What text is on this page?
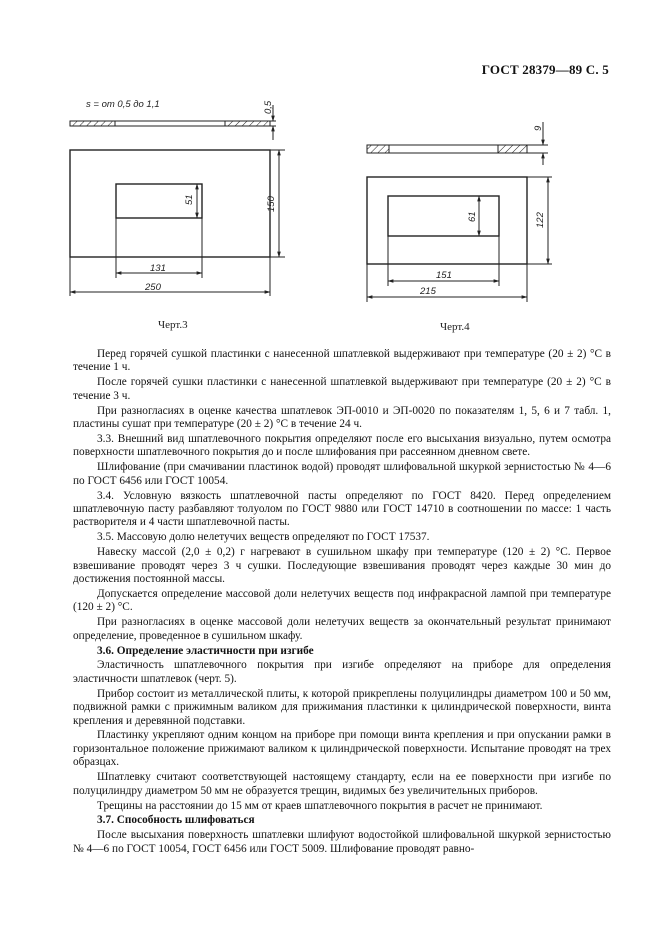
ГОСТ 28379—89 С. 5
s = от 0,5 до 1,1	0,5
51	150
131
250
Черт.3
9
61	122
151
215
Черт.4

Перед горячей сушкой пластинки с нанесенной шпатлевкой выдерживают при температуре (20 ± 2) °С в течение 1 ч.

После горячей сушки пластинки с нанесенной шпатлевкой выдерживают при температуре (20 ± 2) °С в течение 3 ч.

При разногласиях в оценке качества шпатлевок ЭП-0010 и ЭП-0020 по показателям 1, 5, 6 и 7 табл. 1, пластины сушат при температуре (20 ± 2) °С в течение 24 ч.

3.3. Внешний вид шпатлевочного покрытия определяют после его высыхания визуально, путем осмотра поверхности шпатлевочного покрытия до и после шлифования при рассеянном дневном свете.

Шлифование (при смачивании пластинок водой) проводят шлифовальной шкуркой зернистостью № 4—6 по ГОСТ 6456 или ГОСТ 10054.

3.4. Условную вязкость шпатлевочной пасты определяют по ГОСТ 8420. Перед определением шпатлевочную пасту разбавляют толуолом по ГОСТ 9880 или ГОСТ 14710 в соотношении по массе: 1 часть растворителя и 4 части шпатлевочной пасты.

3.5. Массовую долю нелетучих веществ определяют по ГОСТ 17537.

Навеску массой (2,0 ± 0,2) г нагревают в сушильном шкафу при температуре (120 ± 2) °С. Первое взвешивание проводят через 3 ч сушки. Последующие взвешивания проводят через каждые 30 мин до достижения постоянной массы.

Допускается определение массовой доли нелетучих веществ под инфракрасной лампой при температуре (120 ± 2) °С.

При разногласиях в оценке массовой доли нелетучих веществ за окончательный результат принимают определение, проведенное в сушильном шкафу.

3.6. Определение эластичности при изгибе

Эластичность шпатлевочного покрытия при изгибе определяют на приборе для определения эластичности шпатлевок (черт. 5).

Прибор состоит из металлической плиты, к которой прикреплены полуцилиндры диаметром 100 и 50 мм, подвижной рамки с прижимным валиком для прижимания пластинки к цилиндрической поверхности, винта крепления и деревянной подставки.

Пластинку укрепляют одним концом на приборе при помощи винта крепления и при опускании рамки в горизонтальное положение прижимают валиком к цилиндрической поверхности. Испытание проводят на трех образцах.

Шпатлевку считают соответствующей настоящему стандарту, если на ее поверхности при изгибе по полуцилиндру диаметром 50 мм не образуется трещин, видимых без увеличительных приборов.

Трещины на расстоянии до 15 мм от краев шпатлевочного покрытия в расчет не принимают.

3.7. Способность шлифоваться

После высыхания поверхность шпатлевки шлифуют водостойкой шлифовальной шкуркой зернистостью № 4—6 по ГОСТ 10054, ГОСТ 6456 или ГОСТ 5009. Шлифование проводят равно-
